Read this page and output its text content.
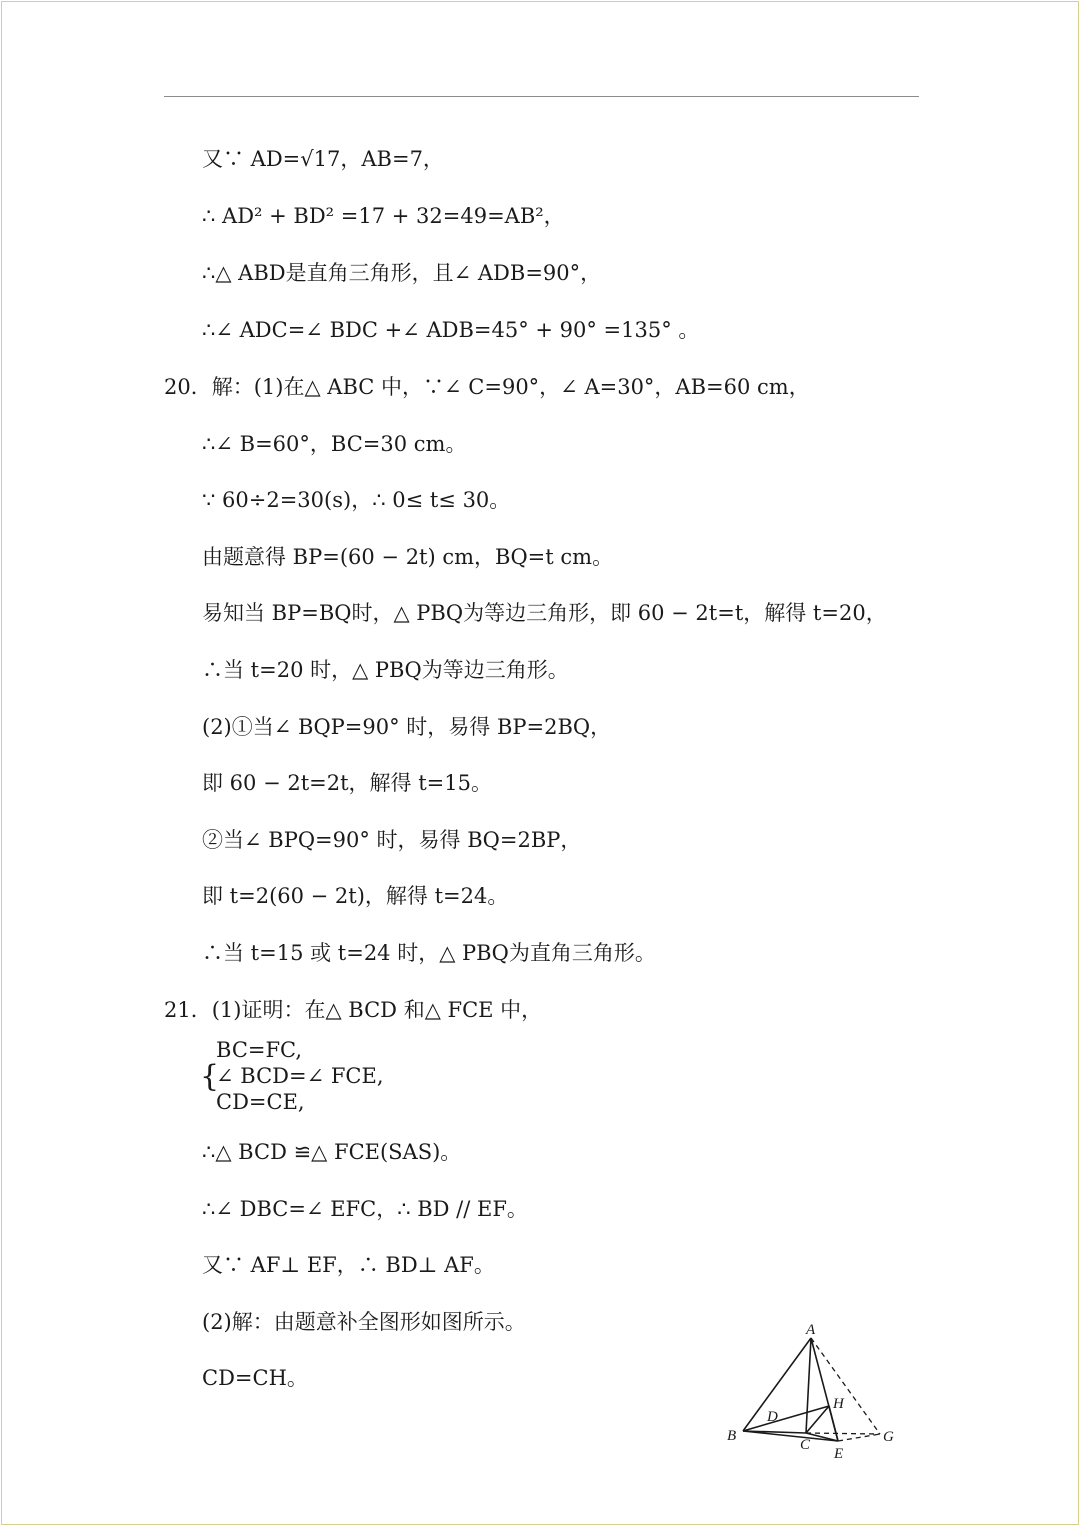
又∵ AD=√17，AB=7，
∴ AD² + BD² =17 + 32=49=AB²，
∴△ ABD是直角三角形，且∠ ADB=90°，
∴∠ ADC=∠ BDC +∠ ADB=45° + 90° =135° 。
20．解：(1)在△ ABC 中，∵∠ C=90°，∠ A=30°，AB=60 cm，
∴∠ B=60°，BC=30 cm。
∵ 60÷2=30(s)，∴ 0≤ t≤ 30。
由题意得 BP=(60 − 2t) cm，BQ=t cm。
易知当 BP=BQ时，△ PBQ为等边三角形，即 60 − 2t=t，解得 t=20，
∴当 t=20 时，△ PBQ为等边三角形。
(2)①当∠ BQP=90° 时，易得 BP=2BQ，
即 60 − 2t=2t，解得 t=15。
②当∠ BPQ=90° 时，易得 BQ=2BP，
即 t=2(60 − 2t)，解得 t=24。
∴当 t=15 或 t=24 时，△ PBQ为直角三角形。
21．(1)证明：在△ BCD 和△ FCE 中，
{
BC=FC,
∠ BCD=∠ FCE,
CD=CE,
∴△ BCD ≌△ FCE(SAS)。
∴∠ DBC=∠ EFC，∴ BD // EF。
又∵ AF⊥ EF，∴ BD⊥ AF。
(2)解：由题意补全图形如图所示。
CD=CH。
A
B
C
D
E
G
H
